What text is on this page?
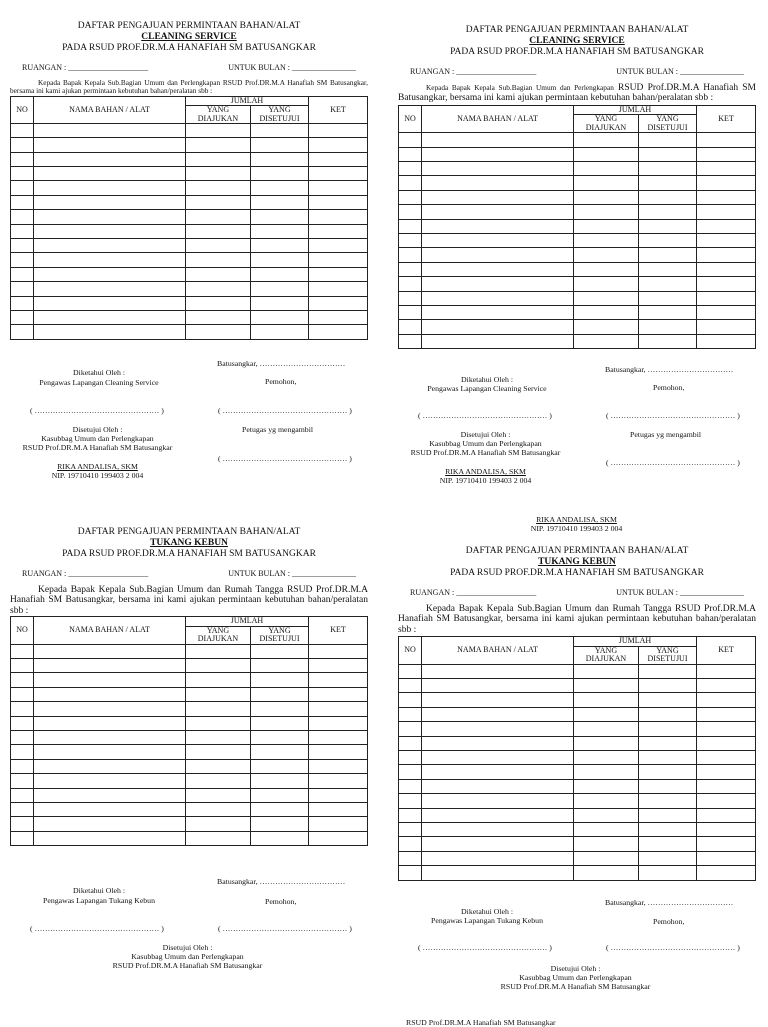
DAFTAR PENGAJUAN PERMINTAAN BAHAN/ALAT
CLEANING SERVICE
PADA RSUD PROF.DR.M.A HANAFIAH SM BATUSANGKAR
RUANGAN : ____________________	UNTUK BULAN : ________________
Kepada Bapak Kepala Sub.Bagian Umum dan Perlengkapan RSUD Prof.DR.M.A Hanafiah SM Batusangkar, bersama ini kami ajukan permintaan kebutuhan bahan/peralatan sbb :
NO	NAMA BAHAN / ALAT	JUMLAH		KET
		YANG DIAJUKAN	YANG DISETUJUI	

Batusangkar, ……………………………
Diketahui Oleh :
Pengawas Lapangan Cleaning Service	Pemohon,
( ………………………………………… )	( ………………………………………… )
Disetujui Oleh :
Kasubbag Umum dan Perlengkapan
RSUD Prof.DR.M.A Hanafiah SM Batusangkar
Petugas yg mengambil
( ………………………………………… )
RIKA ANDALISA, SKM
NIP. 19710410 199403 2 004
DAFTAR PENGAJUAN PERMINTAAN BAHAN/ALAT
CLEANING SERVICE
PADA RSUD PROF.DR.M.A HANAFIAH SM BATUSANGKAR
RUANGAN : ____________________	UNTUK BULAN : ________________
Kepada Bapak Kepala Sub.Bagian Umum dan Perlengkapan RSUD Prof.DR.M.A Hanafiah SM Batusangkar, bersama ini kami ajukan permintaan kebutuhan bahan/peralatan sbb :
NO	NAMA BAHAN / ALAT	JUMLAH		KET
		YANG DIAJUKAN	YANG DISETUJUI	

Batusangkar, ……………………………
Diketahui Oleh :
Pengawas Lapangan Cleaning Service	Pemohon,
( ………………………………………… )	( ………………………………………… )
Disetujui Oleh :
Kasubbag Umum dan Perlengkapan
RSUD Prof.DR.M.A Hanafiah SM Batusangkar
Petugas yg mengambil
( ………………………………………… )
RIKA ANDALISA, SKM
NIP. 19710410 199403 2 004
RIKA ANDALISA, SKM
NIP. 19710410 199403 2 004
DAFTAR PENGAJUAN PERMINTAAN BAHAN/ALAT
TUKANG KEBUN
PADA RSUD PROF.DR.M.A HANAFIAH SM BATUSANGKAR
RUANGAN : ____________________	UNTUK BULAN : ________________
Kepada Bapak Kepala Sub.Bagian Umum dan Rumah Tangga RSUD Prof.DR.M.A Hanafiah SM Batusangkar, bersama ini kami ajukan permintaan kebutuhan bahan/peralatan sbb :
NO	NAMA BAHAN / ALAT	JUMLAH		KET
		YANG DIAJUKAN	YANG DISETUJUI	

Batusangkar, ……………………………
Diketahui Oleh :
Pengawas Lapangan Tukang Kebun	Pemohon,
( ………………………………………… )	( ………………………………………… )
Disetujui Oleh :
Kasubbag Umum dan Perlengkapan
RSUD Prof.DR.M.A Hanafiah SM Batusangkar
DAFTAR PENGAJUAN PERMINTAAN BAHAN/ALAT
TUKANG KEBUN
PADA RSUD PROF.DR.M.A HANAFIAH SM BATUSANGKAR
RUANGAN : ____________________	UNTUK BULAN : ________________
Kepada Bapak Kepala Sub.Bagian Umum dan Rumah Tangga RSUD Prof.DR.M.A Hanafiah SM Batusangkar, bersama ini kami ajukan permintaan kebutuhan bahan/peralatan sbb :
NO	NAMA BAHAN / ALAT	JUMLAH		KET
		YANG DIAJUKAN	YANG DISETUJUI	

Batusangkar, ……………………………
Diketahui Oleh :
Pengawas Lapangan Tukang Kebun	Pemohon,
( ………………………………………… )	( ………………………………………… )
Disetujui Oleh :
Kasubbag Umum dan Perlengkapan
RSUD Prof.DR.M.A Hanafiah SM Batusangkar
RSUD Prof.DR.M.A Hanafiah SM Batusangkar
